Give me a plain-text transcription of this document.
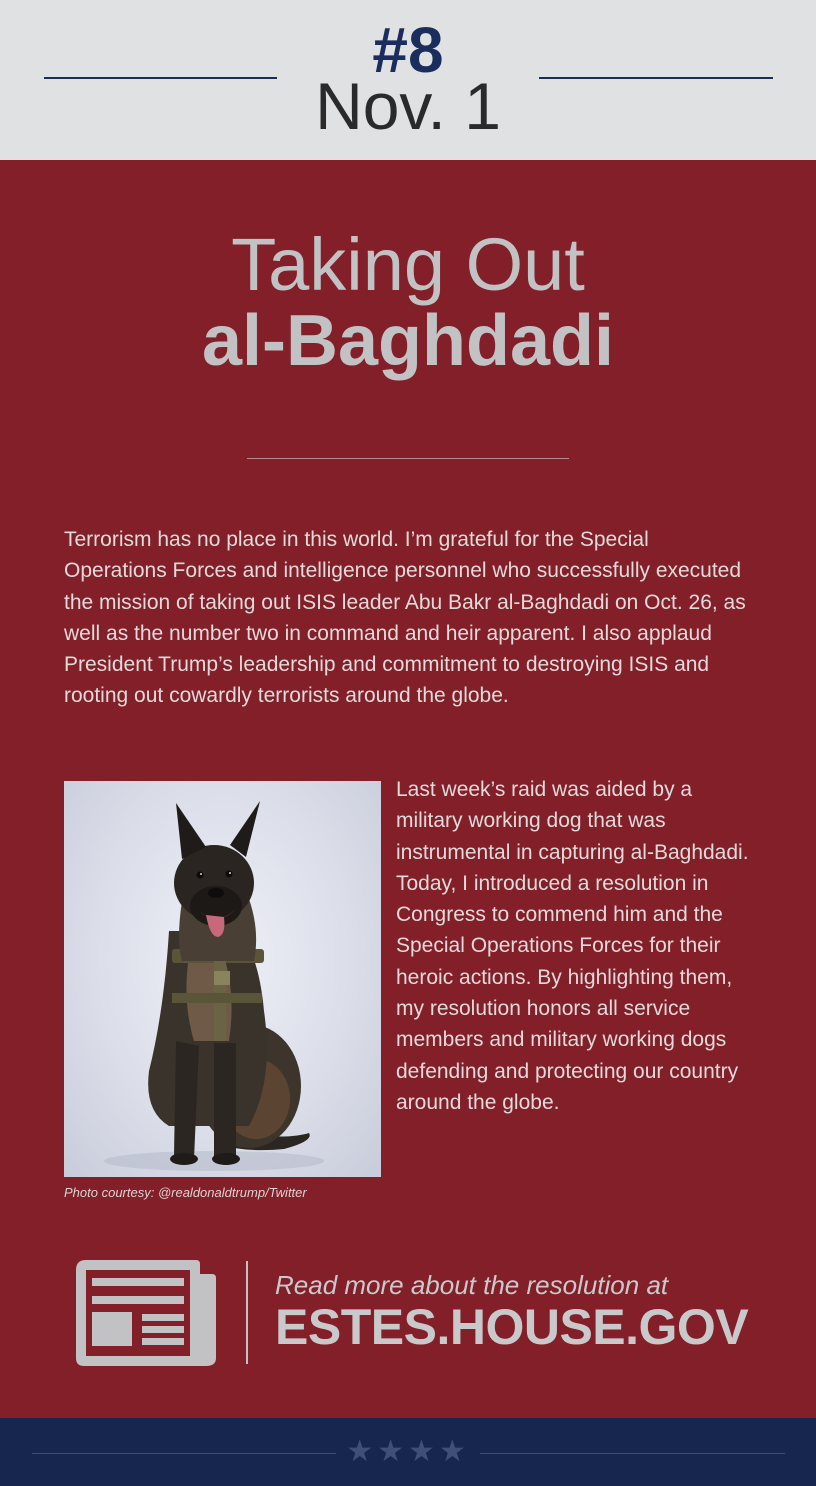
#8
Nov. 1
Taking Out
al-Baghdadi

Terrorism has no place in this world. I’m grateful for the Special Operations Forces and intelligence personnel who successfully executed the mission of taking out ISIS leader Abu Bakr al-Baghdadi on Oct. 26, as well as the number two in command and heir apparent. I also applaud President Trump’s leadership and commitment to destroying ISIS and rooting out cowardly terrorists around the globe.

Photo courtesy: @realdonaldtrump/Twitter

Last week’s raid was aided by a military working dog that was instrumental in capturing al-Baghdadi. Today, I introduced a resolution in Congress to commend him and the Special Operations Forces for their heroic actions. By highlighting them, my resolution honors all service members and military working dogs defending and protecting our country around the globe.

Read more about the resolution at
ESTES.HOUSE.GOV
★★★★
